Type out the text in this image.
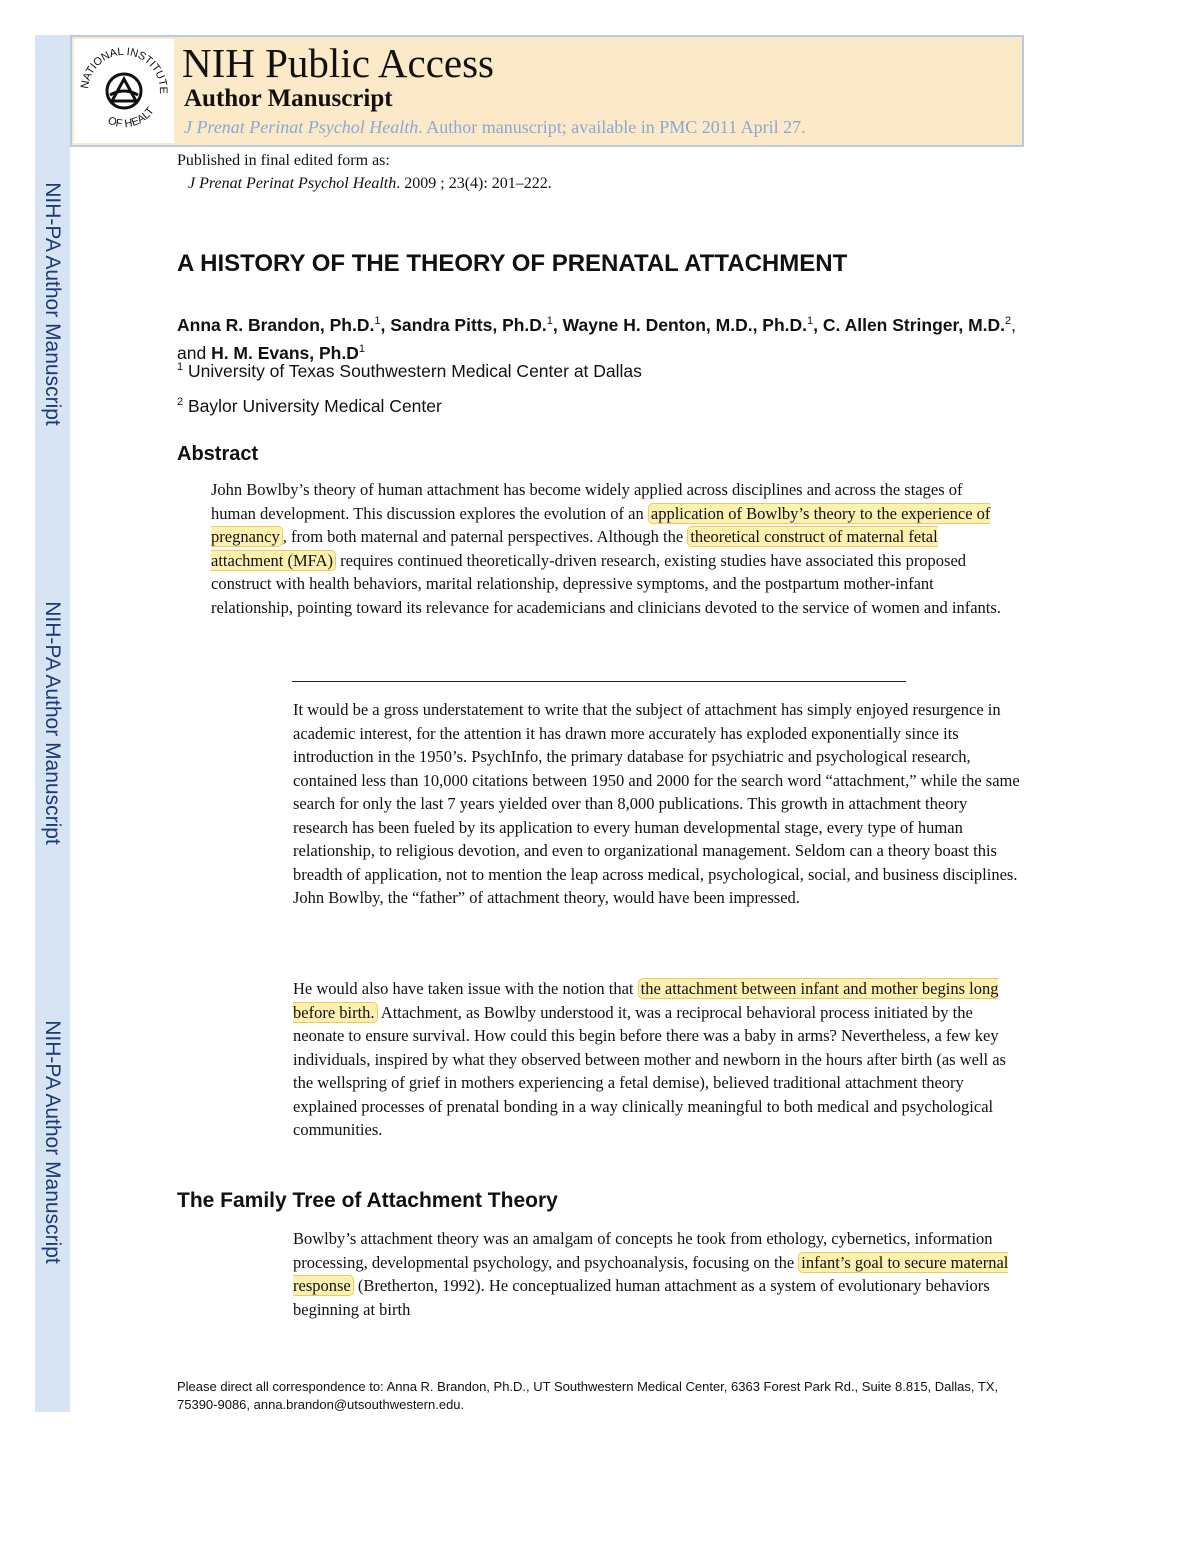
NIH-PA Author Manuscript
NIH-PA Author Manuscript
NIH-PA Author Manuscript
NATIONAL INSTITUTE
OF HEALT
NIH Public Access
Author Manuscript
J Prenat Perinat Psychol Health. Author manuscript; available in PMC 2011 April 27.
Published in final edited form as:
J Prenat Perinat Psychol Health. 2009 ; 23(4): 201–222.
A HISTORY OF THE THEORY OF PRENATAL ATTACHMENT
Anna R. Brandon, Ph.D.$^1$, Sandra Pitts, Ph.D.$^1$, Wayne H. Denton, M.D., Ph.D.$^1$, C. Allen Stringer, M.D.$^2$, and H. M. Evans, $Ph.D^1$
$^1$ University of Texas Southwestern Medical Center at Dallas
$^2$ Baylor University Medical Center
Abstract
John Bowlby’s theory of human attachment has become widely applied across disciplines and across the stages of human development. This discussion explores the evolution of an application of Bowlby’s theory to the experience of pregnancy , from both maternal and paternal perspectives. Although the theoretical construct of maternal fetal attachment (MFA) requires continued theoretically-driven research, existing studies have associated this proposed construct with health behaviors, marital relationship, depressive symptoms, and the postpartum mother-infant relationship, pointing toward its relevance for academicians and clinicians devoted to the service of women and infants.
It would be a gross understatement to write that the subject of attachment has simply enjoyed resurgence in academic interest, for the attention it has drawn more accurately has exploded exponentially since its introduction in the 1950’s. PsychInfo, the primary database for psychiatric and psychological research, contained less than 10,000 citations between 1950 and 2000 for the search word “attachment,” while the same search for only the last 7 years yielded over than 8,000 publications. This growth in attachment theory research has been fueled by its application to every human developmental stage, every type of human relationship, to religious devotion, and even to organizational management. Seldom can a theory boast this breadth of application, not to mention the leap across medical, psychological, social, and business disciplines. John Bowlby, the “father” of attachment theory, would have been impressed.
He would also have taken issue with the notion that the attachment between infant and mother begins long before birth. Attachment, as Bowlby understood it, was a reciprocal behavioral process initiated by the neonate to ensure survival. How could this begin before there was a baby in arms? Nevertheless, a few key individuals, inspired by what they observed between mother and newborn in the hours after birth (as well as the wellspring of grief in mothers experiencing a fetal demise), believed traditional attachment theory explained processes of prenatal bonding in a way clinically meaningful to both medical and psychological communities.
The Family Tree of Attachment Theory
Bowlby’s attachment theory was an amalgam of concepts he took from ethology, cybernetics, information processing, developmental psychology, and psychoanalysis, focusing on the infant’s goal to secure maternal response (Bretherton, 1992). He conceptualized human attachment as a system of evolutionary behaviors beginning at birth
Please direct all correspondence to: Anna R. Brandon, Ph.D., UT Southwestern Medical Center, 6363 Forest Park Rd., Suite 8.815, Dallas, TX, 75390-9086, anna.brandon@utsouthwestern.edu.
